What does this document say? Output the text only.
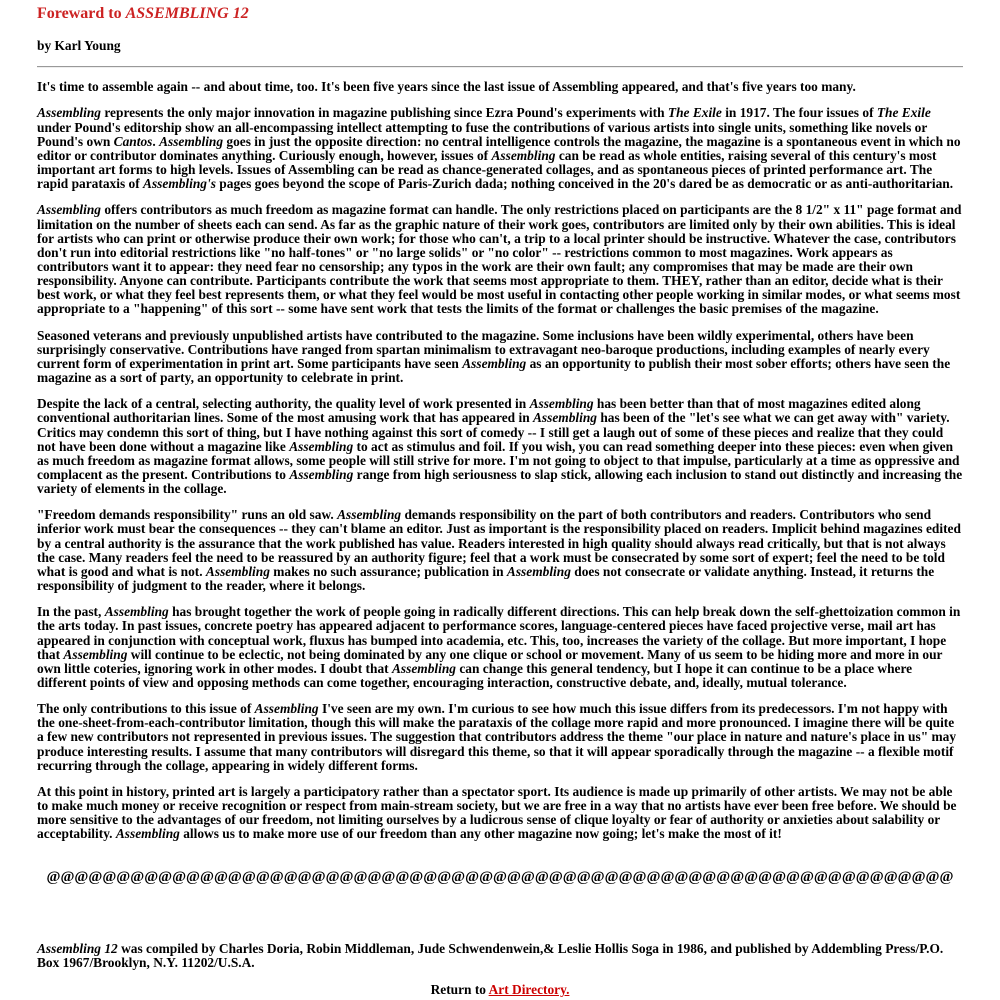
Foreward to ASSEMBLING 12

by Karl Young

It's time to assemble again -- and about time, too. It's been five years since the last issue of Assembling appeared, and that's five years too many.

Assembling represents the only major innovation in magazine publishing since Ezra Pound's experiments with The Exile in 1917. The four issues of The Exile under Pound's editorship show an all-encompassing intellect attempting to fuse the contributions of various artists into single units, something like novels or Pound's own Cantos. Assembling goes in just the opposite direction: no central intelligence controls the magazine, the magazine is a spontaneous event in which no editor or contributor dominates anything. Curiously enough, however, issues of Assembling can be read as whole entities, raising several of this century's most important art forms to high levels. Issues of Assembling can be read as chance-generated collages, and as spontaneous pieces of printed performance art. The rapid parataxis of Assembling's pages goes beyond the scope of Paris-Zurich dada; nothing conceived in the 20's dared be as democratic or as anti-authoritarian.

Assembling offers contributors as much freedom as magazine format can handle. The only restrictions placed on participants are the 8 1/2" x 11" page format and limitation on the number of sheets each can send. As far as the graphic nature of their work goes, contributors are limited only by their own abilities. This is ideal for artists who can print or otherwise produce their own work; for those who can't, a trip to a local printer should be instructive. Whatever the case, contributors don't run into editorial restrictions like "no half-tones" or "no large solids" or "no color" -- restrictions common to most magazines. Work appears as contributors want it to appear: they need fear no censorship; any typos in the work are their own fault; any compromises that may be made are their own responsibility. Anyone can contribute. Participants contribute the work that seems most appropriate to them. THEY, rather than an editor, decide what is their best work, or what they feel best represents them, or what they feel would be most useful in contacting other people working in similar modes, or what seems most appropriate to a "happening" of this sort -- some have sent work that tests the limits of the format or challenges the basic premises of the magazine.

Seasoned veterans and previously unpublished artists have contributed to the magazine. Some inclusions have been wildly experimental, others have been surprisingly conservative. Contributions have ranged from spartan minimalism to extravagant neo-baroque productions, including examples of nearly every current form of experimentation in print art. Some participants have seen Assembling as an opportunity to publish their most sober efforts; others have seen the magazine as a sort of party, an opportunity to celebrate in print.

Despite the lack of a central, selecting authority, the quality level of work presented in Assembling has been better than that of most magazines edited along conventional authoritarian lines. Some of the most amusing work that has appeared in Assembling has been of the "let's see what we can get away with" variety. Critics may condemn this sort of thing, but I have nothing against this sort of comedy -- I still get a laugh out of some of these pieces and realize that they could not have been done without a magazine like Assembling to act as stimulus and foil. If you wish, you can read something deeper into these pieces: even when given as much freedom as magazine format allows, some people will still strive for more. I'm not going to object to that impulse, particularly at a time as oppressive and complacent as the present. Contributions to Assembling range from high seriousness to slap stick, allowing each inclusion to stand out distinctly and increasing the variety of elements in the collage.

"Freedom demands responsibility" runs an old saw. Assembling demands responsibility on the part of both contributors and readers. Contributors who send inferior work must bear the consequences -- they can't blame an editor. Just as important is the responsibility placed on readers. Implicit behind magazines edited by a central authority is the assurance that the work published has value. Readers interested in high quality should always read critically, but that is not always the case. Many readers feel the need to be reassured by an authority figure; feel that a work must be consecrated by some sort of expert; feel the need to be told what is good and what is not. Assembling makes no such assurance; publication in Assembling does not consecrate or validate anything. Instead, it returns the responsibility of judgment to the reader, where it belongs.

In the past, Assembling has brought together the work of people going in radically different directions. This can help break down the self-ghettoization common in the arts today. In past issues, concrete poetry has appeared adjacent to performance scores, language-centered pieces have faced projective verse, mail art has appeared in conjunction with conceptual work, fluxus has bumped into academia, etc. This, too, increases the variety of the collage. But more important, I hope that Assembling will continue to be eclectic, not being dominated by any one clique or school or movement. Many of us seem to be hiding more and more in our own little coteries, ignoring work in other modes. I doubt that Assembling can change this general tendency, but I hope it can continue to be a place where different points of view and opposing methods can come together, encouraging interaction, constructive debate, and, ideally, mutual tolerance.

The only contributions to this issue of Assembling I've seen are my own. I'm curious to see how much this issue differs from its predecessors. I'm not happy with the one-sheet-from-each-contributor limitation, though this will make the parataxis of the collage more rapid and more pronounced. I imagine there will be quite a few new contributors not represented in previous issues. The suggestion that contributors address the theme "our place in nature and nature's place in us" may produce interesting results. I assume that many contributors will disregard this theme, so that it will appear sporadically through the magazine -- a flexible motif recurring through the collage, appearing in widely different forms.

At this point in history, printed art is largely a participatory rather than a spectator sport. Its audience is made up primarily of other artists. We may not be able to make much money or receive recognition or respect from main-stream society, but we are free in a way that no artists have ever been free before. We should be more sensitive to the advantages of our freedom, not limiting ourselves by a ludicrous sense of clique loyalty or fear of authority or anxieties about salability or acceptability. Assembling allows us to make more use of our freedom than any other magazine now going; let's make the most of it!

@@@@@@@@@@@@@@@@@@@@@@@@@@@@@@@@@@@@@@@@@@@@@@@@@@@@@@@@@@@@@@@@@

Assembling 12 was compiled by Charles Doria, Robin Middleman, Jude Schwendenwein,& Leslie Hollis Soga in 1986, and published by Addembling Press/P.O. Box 1967/Brooklyn, N.Y. 11202/U.S.A.

Return to Art Directory.
